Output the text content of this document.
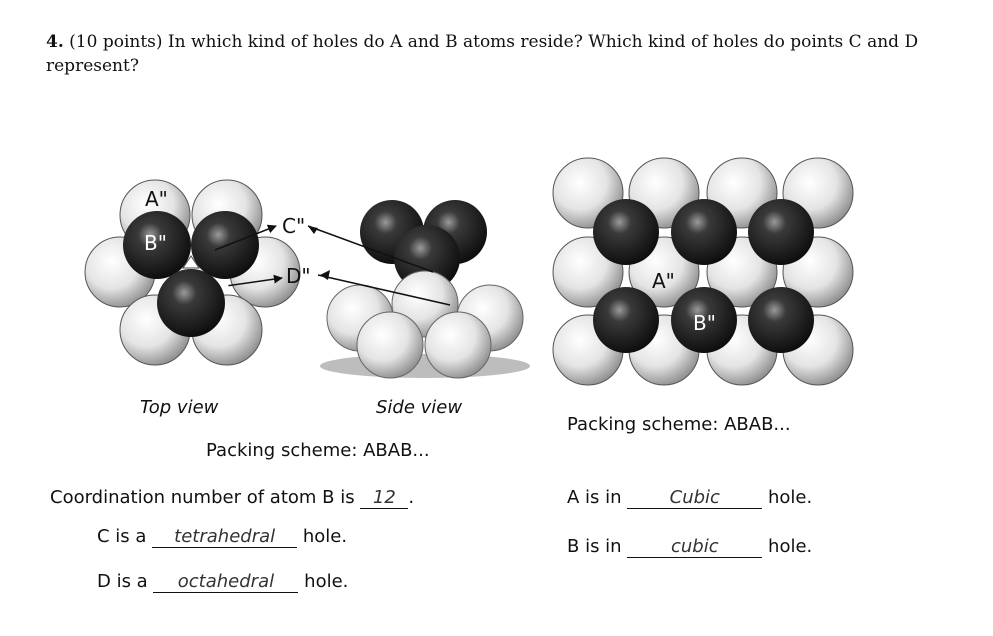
4. (10 points) In which kind of holes do A and B atoms reside? Which kind of holes do points C and D represent?
A"
B"
C"
D"	A"
B"
Top view	Side view
Packing scheme: ABAB...
Packing scheme: ABAB...
Coordination number of atom B is 12 .
C is a tetrahedral hole.
D is a octahedral hole.
A is in Cubic hole.
B is in cubic hole.
